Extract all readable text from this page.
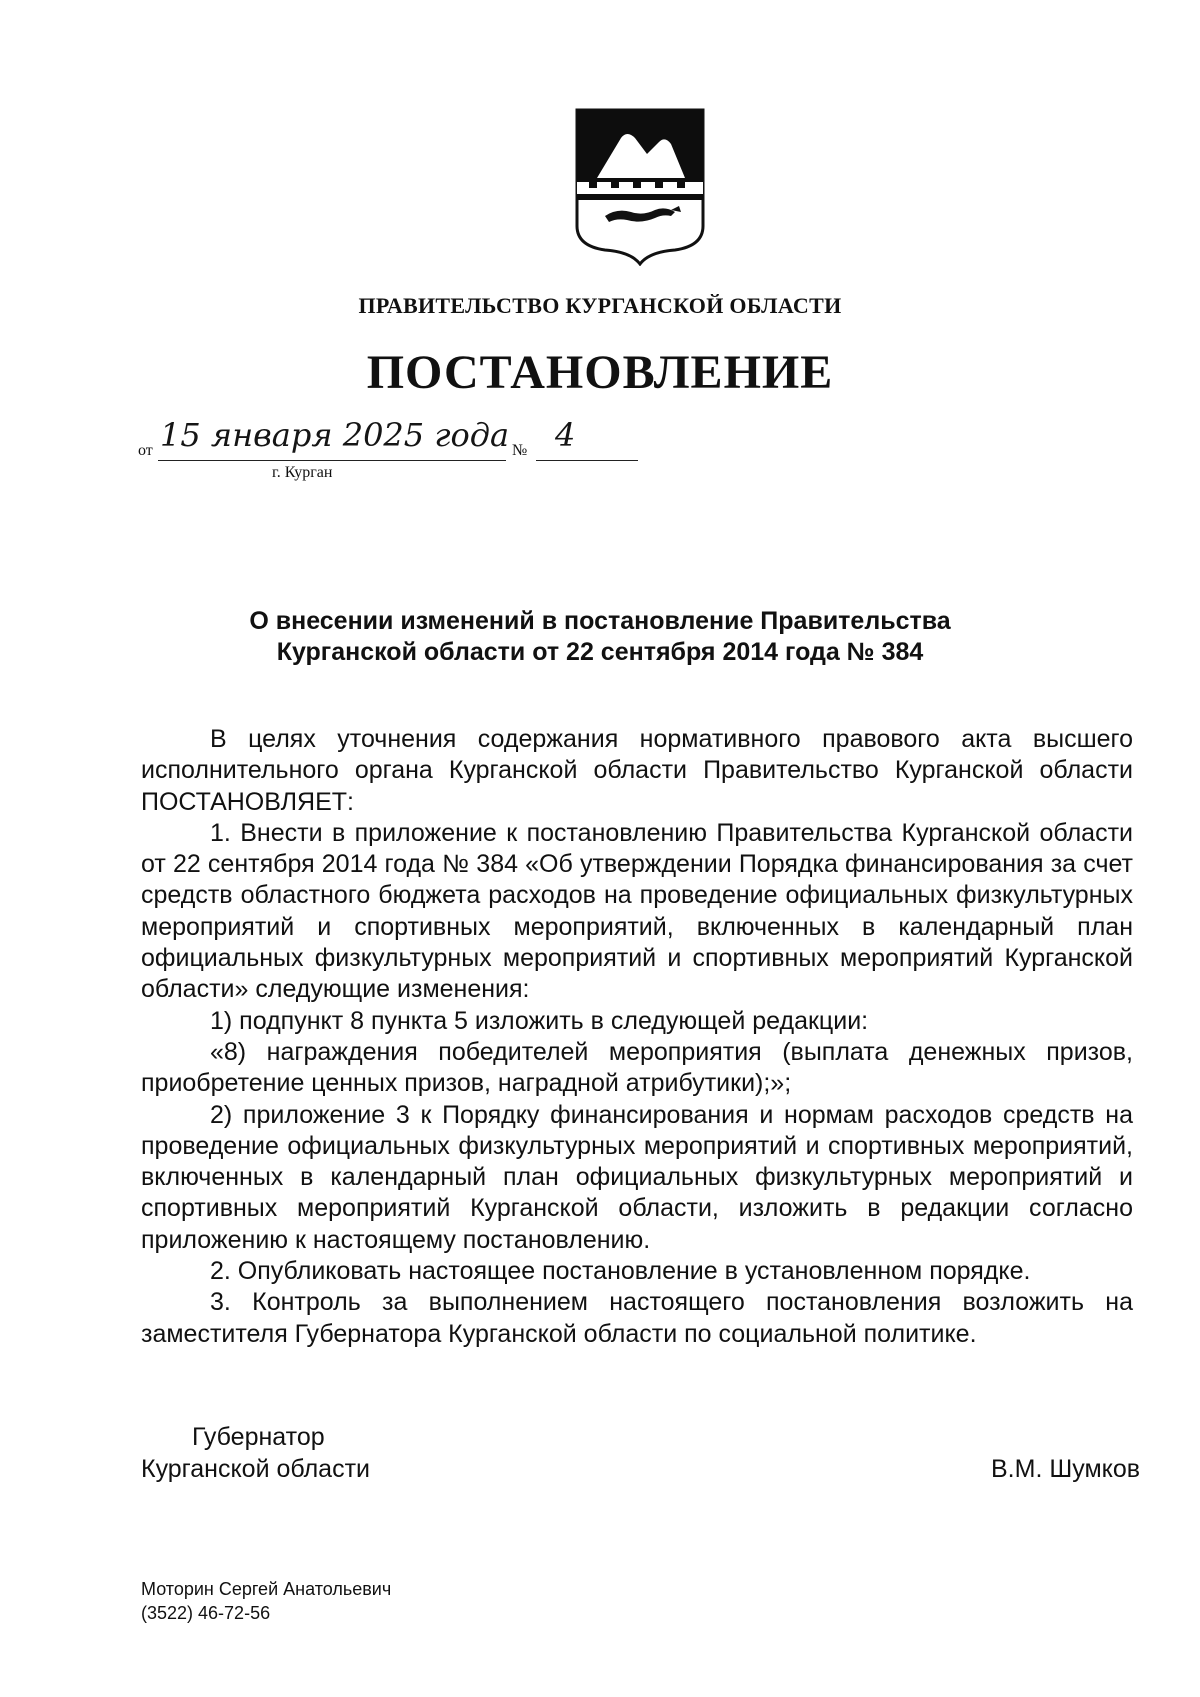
ПРАВИТЕЛЬСТВО КУРГАНСКОЙ ОБЛАСТИ
ПОСТАНОВЛЕНИЕ
от 15 января 2025 года
г. Курган
№ 4
О внесении изменений в постановление Правительства
Курганской области от 22 сентября 2014 года № 384

В целях уточнения содержания нормативного правового акта высшего исполнительного органа Курганской области Правительство Курганской области ПОСТАНОВЛЯЕТ:

1. Внести в приложение к постановлению Правительства Курганской области от 22 сентября 2014 года № 384 «Об утверждении Порядка финансирования за счет средств областного бюджета расходов на проведение официальных физкультурных мероприятий и спортивных мероприятий, включенных в календарный план официальных физкультурных мероприятий и спортивных мероприятий Курганской области» следующие изменения:

1) подпункт 8 пункта 5 изложить в следующей редакции:

«8) награждения победителей мероприятия (выплата денежных призов, приобретение ценных призов, наградной атрибутики);»;

2) приложение 3 к Порядку финансирования и нормам расходов средств на проведение официальных физкультурных мероприятий и спортивных мероприятий, включенных в календарный план официальных физкультурных мероприятий и спортивных мероприятий Курганской области, изложить в редакции согласно приложению к настоящему постановлению.

2. Опубликовать настоящее постановление в установленном порядке.

3. Контроль за выполнением настоящего постановления возложить на заместителя Губернатора Курганской области по социальной политике.

Губернатор
Курганской области	В.М. Шумков
Моторин Сергей Анатольевич
(3522) 46-72-56
